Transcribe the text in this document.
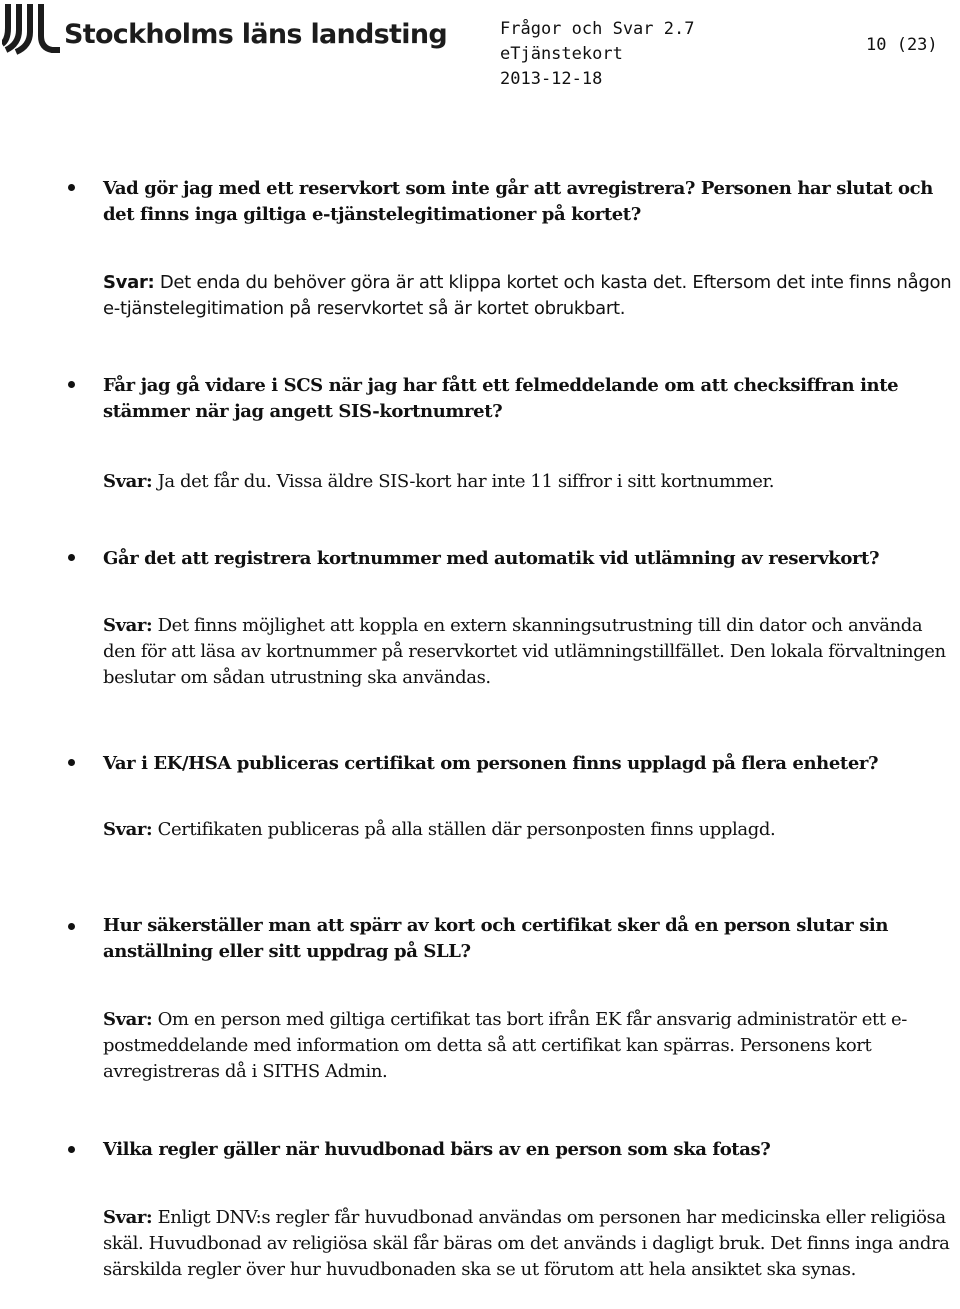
Stockholms läns landsting	Frågor och Svar 2.7
eTjänstekort
2013-12-18
10 (23)
Vad gör jag med ett reservkort som inte går att avregistrera? Personen har slutat och det finns inga giltiga e-tjänstelegitimationer på kortet?
Svar: Det enda du behöver göra är att klippa kortet och kasta det. Eftersom det inte finns någon e-tjänstelegitimation på reservkortet så är kortet obrukbart.
Får jag gå vidare i SCS när jag har fått ett felmeddelande om att checksiffran inte stämmer när jag angett SIS-kortnumret?
Svar: Ja det får du. Vissa äldre SIS-kort har inte 11 siffror i sitt kortnummer.
Går det att registrera kortnummer med automatik vid utlämning av reservkort?
Svar: Det finns möjlighet att koppla en extern skanningsutrustning till din dator och använda den för att läsa av kortnummer på reservkortet vid utlämningstillfället. Den lokala förvaltningen beslutar om sådan utrustning ska användas.
Var i EK/HSA publiceras certifikat om personen finns upplagd på flera enheter?
Svar: Certifikaten publiceras på alla ställen där personposten finns upplagd.
Hur säkerställer man att spärr av kort och certifikat sker då en person slutar sin anställning eller sitt uppdrag på SLL?
Svar: Om en person med giltiga certifikat tas bort ifrån EK får ansvarig administratör ett e-postmeddelande med information om detta så att certifikat kan spärras. Personens kort avregistreras då i SITHS Admin.
Vilka regler gäller när huvudbonad bärs av en person som ska fotas?
Svar: Enligt DNV:s regler får huvudbonad användas om personen har medicinska eller religiösa skäl. Huvudbonad av religiösa skäl får bäras om det används i dagligt bruk. Det finns inga andra särskilda regler över hur huvudbonaden ska se ut förutom att hela ansiktet ska synas.
